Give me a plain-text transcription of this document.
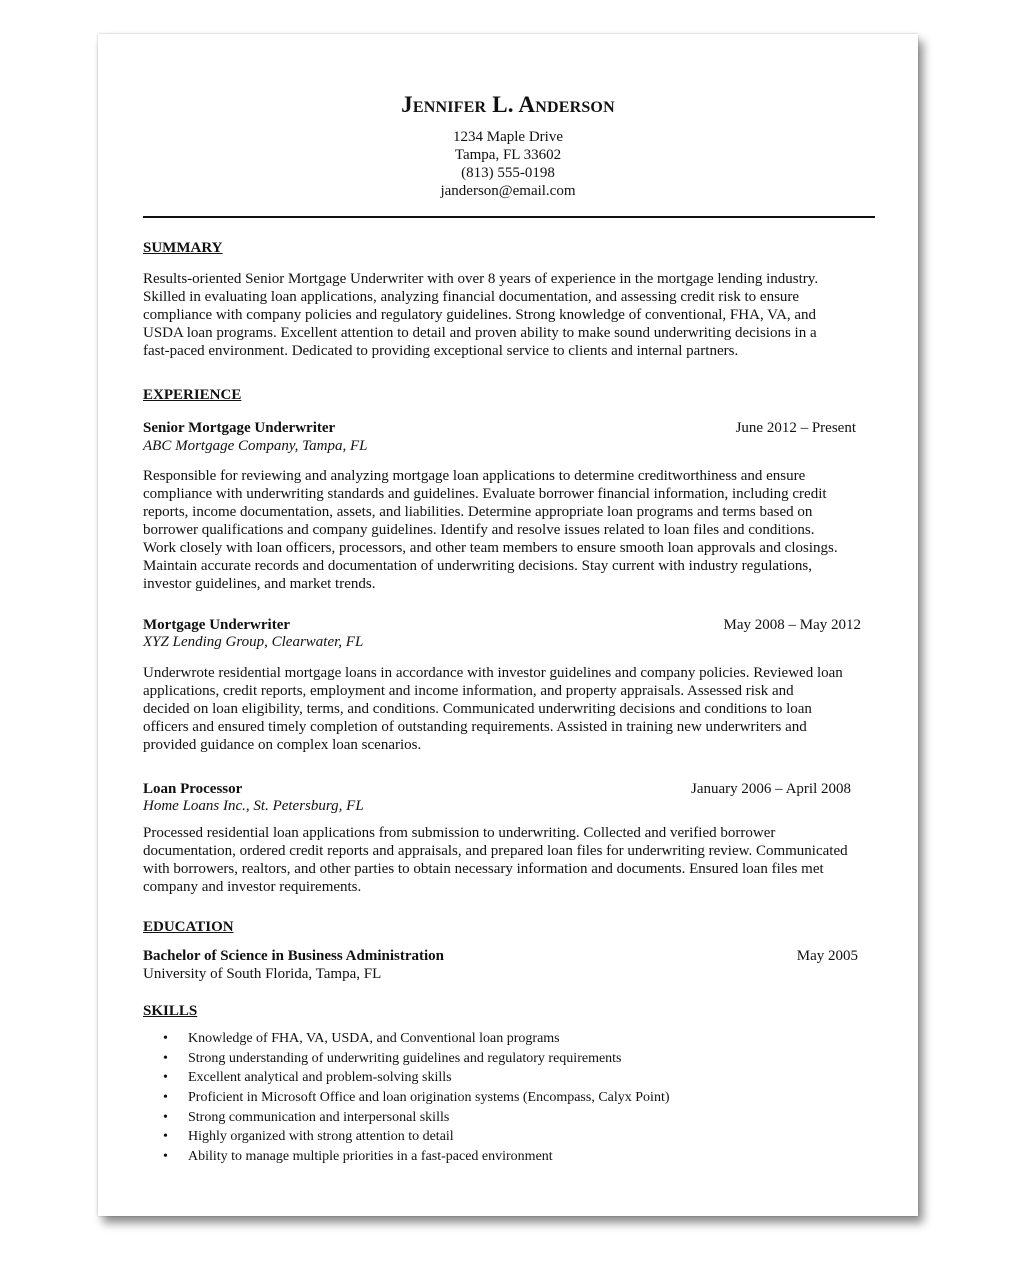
Jennifer L. Anderson
1234 Maple Drive
Tampa, FL 33602
(813) 555-0198
janderson@email.com
SUMMARY
Results-oriented Senior Mortgage Underwriter with over 8 years of experience in the mortgage lending industry.
Skilled in evaluating loan applications, analyzing financial documentation, and assessing credit risk to ensure
compliance with company policies and regulatory guidelines. Strong knowledge of conventional, FHA, VA, and
USDA loan programs. Excellent attention to detail and proven ability to make sound underwriting decisions in a
fast-paced environment. Dedicated to providing exceptional service to clients and internal partners.
EXPERIENCE
Senior Mortgage Underwriter	June 2012 – Present
ABC Mortgage Company, Tampa, FL
Responsible for reviewing and analyzing mortgage loan applications to determine creditworthiness and ensure
compliance with underwriting standards and guidelines. Evaluate borrower financial information, including credit
reports, income documentation, assets, and liabilities. Determine appropriate loan programs and terms based on
borrower qualifications and company guidelines. Identify and resolve issues related to loan files and conditions.
Work closely with loan officers, processors, and other team members to ensure smooth loan approvals and closings.
Maintain accurate records and documentation of underwriting decisions. Stay current with industry regulations,
investor guidelines, and market trends.
Mortgage Underwriter	May 2008 – May 2012
XYZ Lending Group, Clearwater, FL
Underwrote residential mortgage loans in accordance with investor guidelines and company policies. Reviewed loan
applications, credit reports, employment and income information, and property appraisals. Assessed risk and
decided on loan eligibility, terms, and conditions. Communicated underwriting decisions and conditions to loan
officers and ensured timely completion of outstanding requirements. Assisted in training new underwriters and
provided guidance on complex loan scenarios.
Loan Processor	January 2006 – April 2008
Home Loans Inc., St. Petersburg, FL
Processed residential loan applications from submission to underwriting. Collected and verified borrower
documentation, ordered credit reports and appraisals, and prepared loan files for underwriting review. Communicated
with borrowers, realtors, and other parties to obtain necessary information and documents. Ensured loan files met
company and investor requirements.
EDUCATION
Bachelor of Science in Business Administration	May 2005
University of South Florida, Tampa, FL
SKILLS
• Knowledge of FHA, VA, USDA, and Conventional loan programs
• Strong understanding of underwriting guidelines and regulatory requirements
• Excellent analytical and problem-solving skills
• Proficient in Microsoft Office and loan origination systems (Encompass, Calyx Point)
• Strong communication and interpersonal skills
• Highly organized with strong attention to detail
• Ability to manage multiple priorities in a fast-paced environment
